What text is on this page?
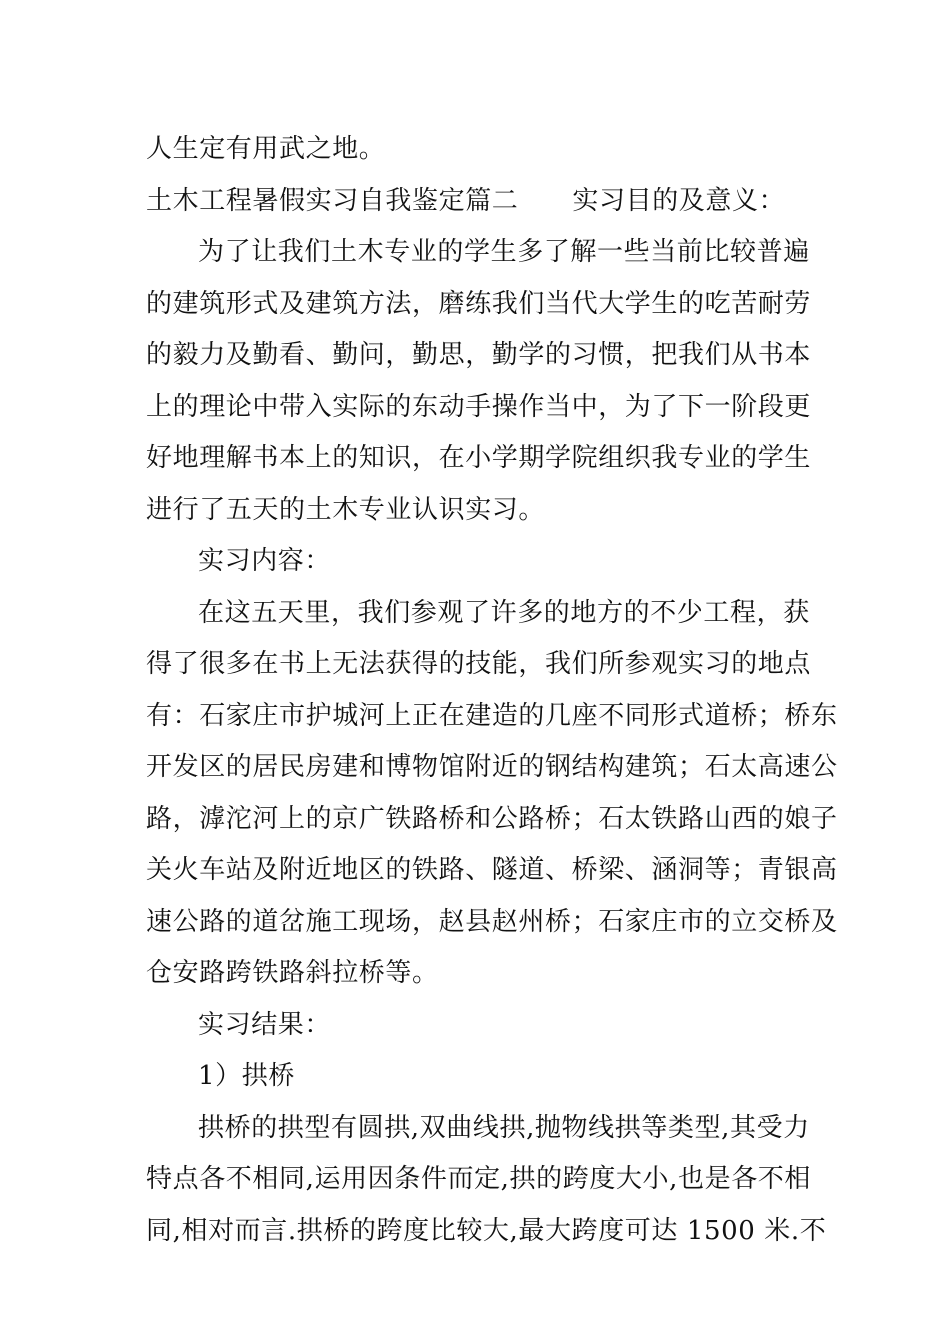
人生定有用武之地。
土木工程暑假实习自我鉴定篇二 实习目的及意义：
为了让我们土木专业的学生多了解一些当前比较普遍
的建筑形式及建筑方法，磨练我们当代大学生的吃苦耐劳
的毅力及勤看、勤问，勤思，勤学的习惯，把我们从书本
上的理论中带入实际的东动手操作当中，为了下一阶段更
好地理解书本上的知识，在小学期学院组织我专业的学生
进行了五天的土木专业认识实习。
实习内容：
在这五天里，我们参观了许多的地方的不少工程，获
得了很多在书上无法获得的技能，我们所参观实习的地点
有：石家庄市护城河上正在建造的几座不同形式道桥；桥东
开发区的居民房建和博物馆附近的钢结构建筑；石太高速公
路，滹沱河上的京广铁路桥和公路桥；石太铁路山西的娘子
关火车站及附近地区的铁路、隧道、桥梁、涵洞等；青银高
速公路的道岔施工现场，赵县赵州桥；石家庄市的立交桥及
仓安路跨铁路斜拉桥等。
实习结果：
1）拱桥
拱桥的拱型有圆拱,双曲线拱,抛物线拱等类型,其受力
特点各不相同,运用因条件而定,拱的跨度大小,也是各不相
同,相对而言.拱桥的跨度比较大,最大跨度可达 1500 米.不
